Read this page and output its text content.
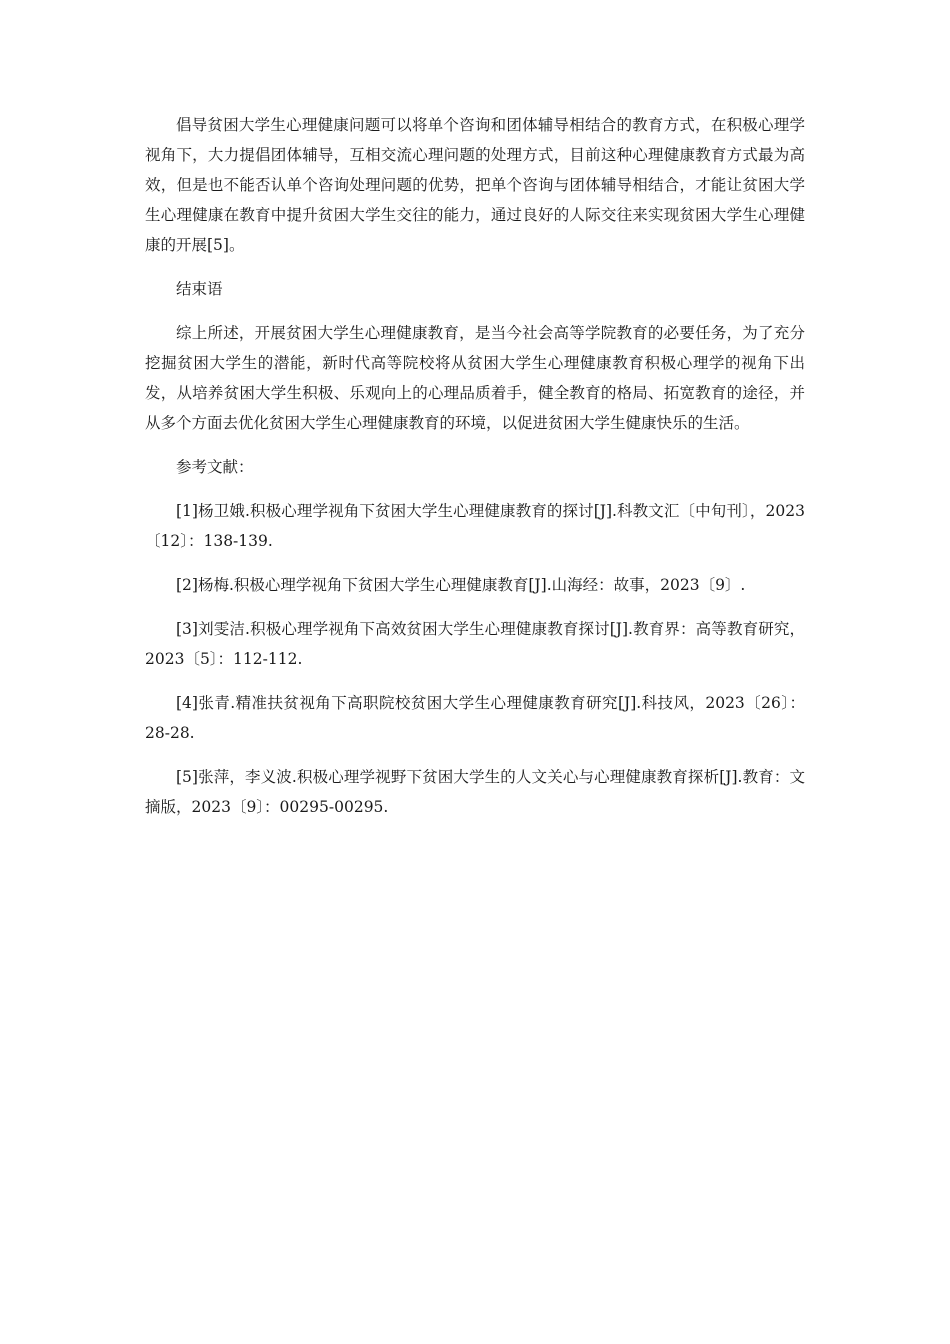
倡导贫困大学生心理健康问题可以将单个咨询和团体辅导相结合的教育方式，在积极心理学视角下，大力提倡团体辅导，互相交流心理问题的处理方式，目前这种心理健康教育方式最为高效，但是也不能否认单个咨询处理问题的优势，把单个咨询与团体辅导相结合，才能让贫困大学生心理健康在教育中提升贫困大学生交往的能力，通过良好的人际交往来实现贫困大学生心理健康的开展[5]。

结束语

综上所述，开展贫困大学生心理健康教育，是当今社会高等学院教育的必要任务，为了充分挖掘贫困大学生的潜能，新时代高等院校将从贫困大学生心理健康教育积极心理学的视角下出发，从培养贫困大学生积极、乐观向上的心理品质着手，健全教育的格局、拓宽教育的途径，并从多个方面去优化贫困大学生心理健康教育的环境，以促进贫困大学生健康快乐的生活。

参考文献：

[1]杨卫娥.积极心理学视角下贫困大学生心理健康教育的探讨[J].科教文汇〔中旬刊〕，2023〔12〕：138-139.

[2]杨梅.积极心理学视角下贫困大学生心理健康教育[J].山海经：故事，2023〔9〕.

[3]刘雯洁.积极心理学视角下高效贫困大学生心理健康教育探讨[J].教育界：高等教育研究，2023〔5〕：112-112.

[4]张青.精准扶贫视角下高职院校贫困大学生心理健康教育研究[J].科技风，2023〔26〕：28-28.

[5]张萍，李义波.积极心理学视野下贫困大学生的人文关心与心理健康教育探析[J].教育：文摘版，2023〔9〕：00295-00295.
